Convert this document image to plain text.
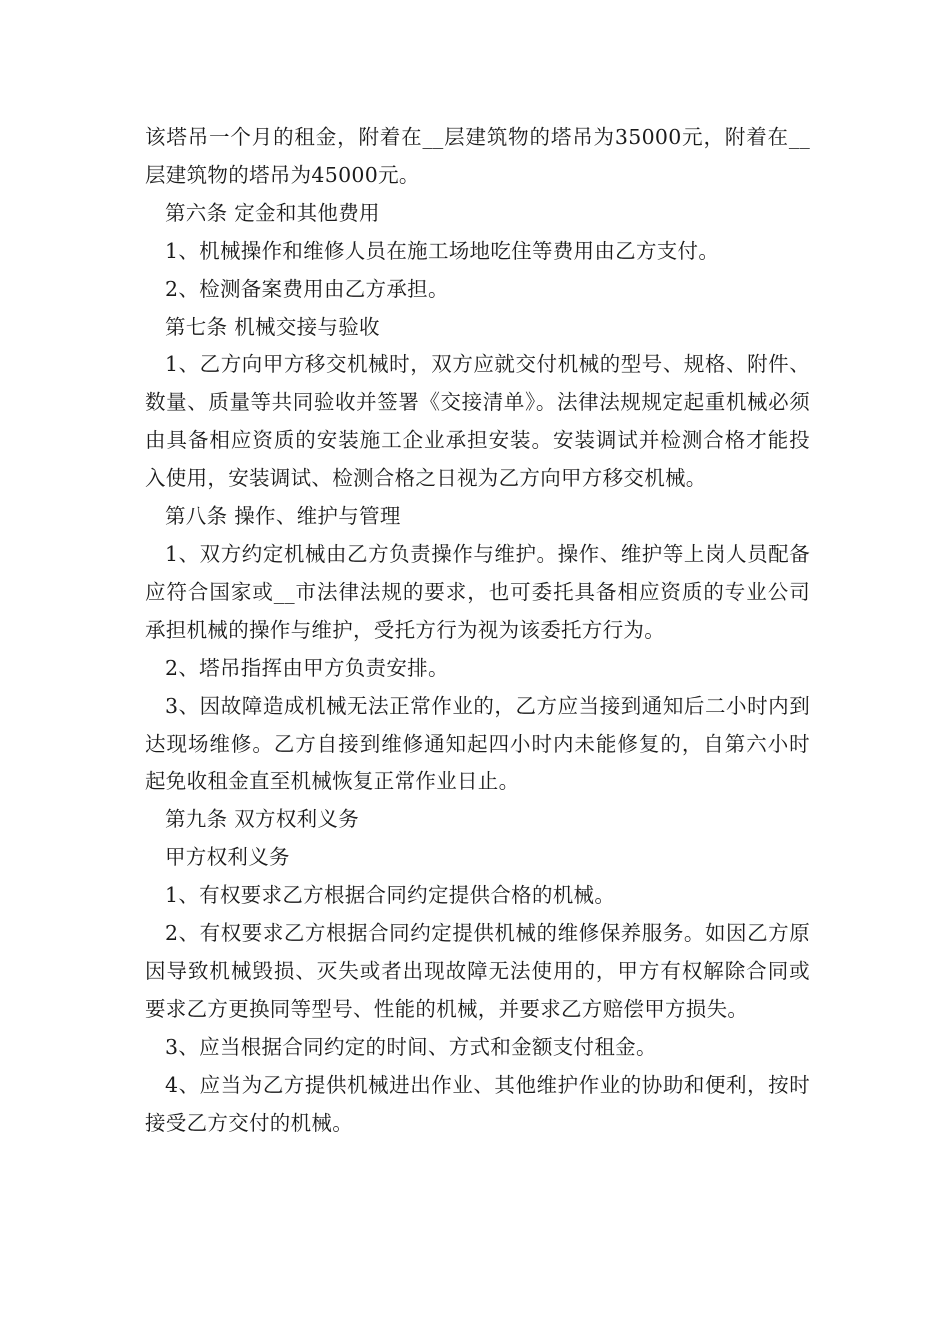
该塔吊一个月的租金，附着在__层建筑物的塔吊为35000元，附着在__层建筑物的塔吊为45000元。

第六条 定金和其他费用

1、机械操作和维修人员在施工场地吃住等费用由乙方支付。

2、检测备案费用由乙方承担。

第七条 机械交接与验收

1、乙方向甲方移交机械时，双方应就交付机械的型号、规格、附件、数量、质量等共同验收并签署《交接清单》。法律法规规定起重机械必须由具备相应资质的安装施工企业承担安装。安装调试并检测合格才能投入使用，安装调试、检测合格之日视为乙方向甲方移交机械。

第八条 操作、维护与管理

1、双方约定机械由乙方负责操作与维护。操作、维护等上岗人员配备应符合国家或__市法律法规的要求，也可委托具备相应资质的专业公司承担机械的操作与维护，受托方行为视为该委托方行为。

2、塔吊指挥由甲方负责安排。

3、因故障造成机械无法正常作业的，乙方应当接到通知后二小时内到达现场维修。乙方自接到维修通知起四小时内未能修复的，自第六小时起免收租金直至机械恢复正常作业日止。

第九条 双方权利义务

甲方权利义务

1、有权要求乙方根据合同约定提供合格的机械。

2、有权要求乙方根据合同约定提供机械的维修保养服务。如因乙方原因导致机械毁损、灭失或者出现故障无法使用的，甲方有权解除合同或要求乙方更换同等型号、性能的机械，并要求乙方赔偿甲方损失。

3、应当根据合同约定的时间、方式和金额支付租金。

4、应当为乙方提供机械进出作业、其他维护作业的协助和便利，按时接受乙方交付的机械。
